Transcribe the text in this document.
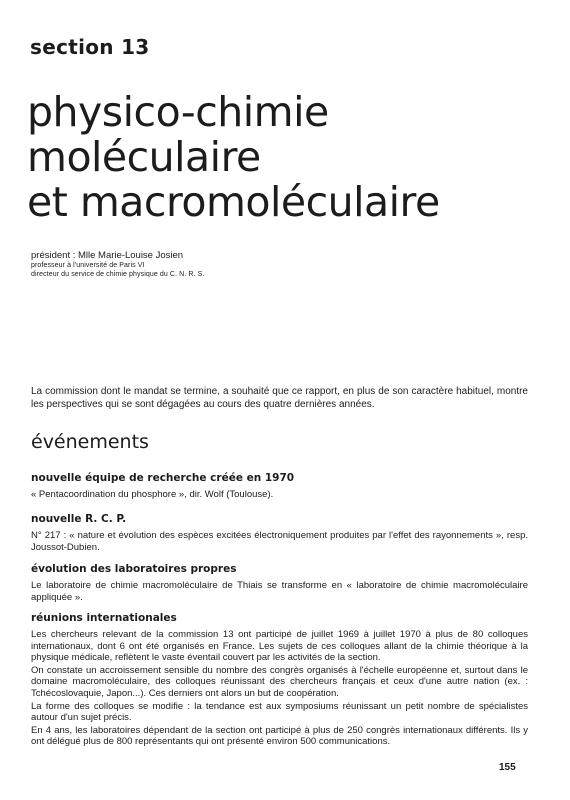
section 13
physico-chimie
moléculaire
et macromoléculaire
président : Mlle Marie-Louise Josien
professeur à l'université de Paris VI
directeur du service de chimie physique du C. N. R. S.
La commission dont le mandat se termine, a souhaité que ce rapport, en plus de son caractère habituel, montre les perspectives qui se sont dégagées au cours des quatre dernières années.
événements
nouvelle équipe de recherche créée en 1970
« Pentacoordination du phosphore », dir. Wolf (Toulouse).
nouvelle R. C. P.
N° 217 : « nature et évolution des espèces excitées électroniquement produites par l'effet des rayonnements », resp. Joussot-Dubien.
évolution des laboratoires propres
Le laboratoire de chimie macromoléculaire de Thiais se transforme en « laboratoire de chimie macromoléculaire appliquée ».
réunions internationales

Les chercheurs relevant de la commission 13 ont participé de juillet 1969 à juillet 1970 à plus de 80 colloques internationaux, dont 6 ont été organisés en France. Les sujets de ces colloques allant de la chimie théorique à la physique médicale, reflètent le vaste éventail couvert par les activités de la section.

On constate un accroissement sensible du nombre des congrès organisés à l'échelle européenne et, surtout dans le domaine macromoléculaire, des colloques réunissant des chercheurs français et ceux d'une autre nation (ex. : Tchécoslovaquie, Japon...). Ces derniers ont alors un but de coopération.

La forme des colloques se modifie : la tendance est aux symposiums réunissant un petit nombre de spécialistes autour d'un sujet précis.

En 4 ans, les laboratoires dépendant de la section ont participé à plus de 250 congrès internationaux différents. Ils y ont délégué plus de 800 représentants qui ont présenté environ 500 communications.

155
